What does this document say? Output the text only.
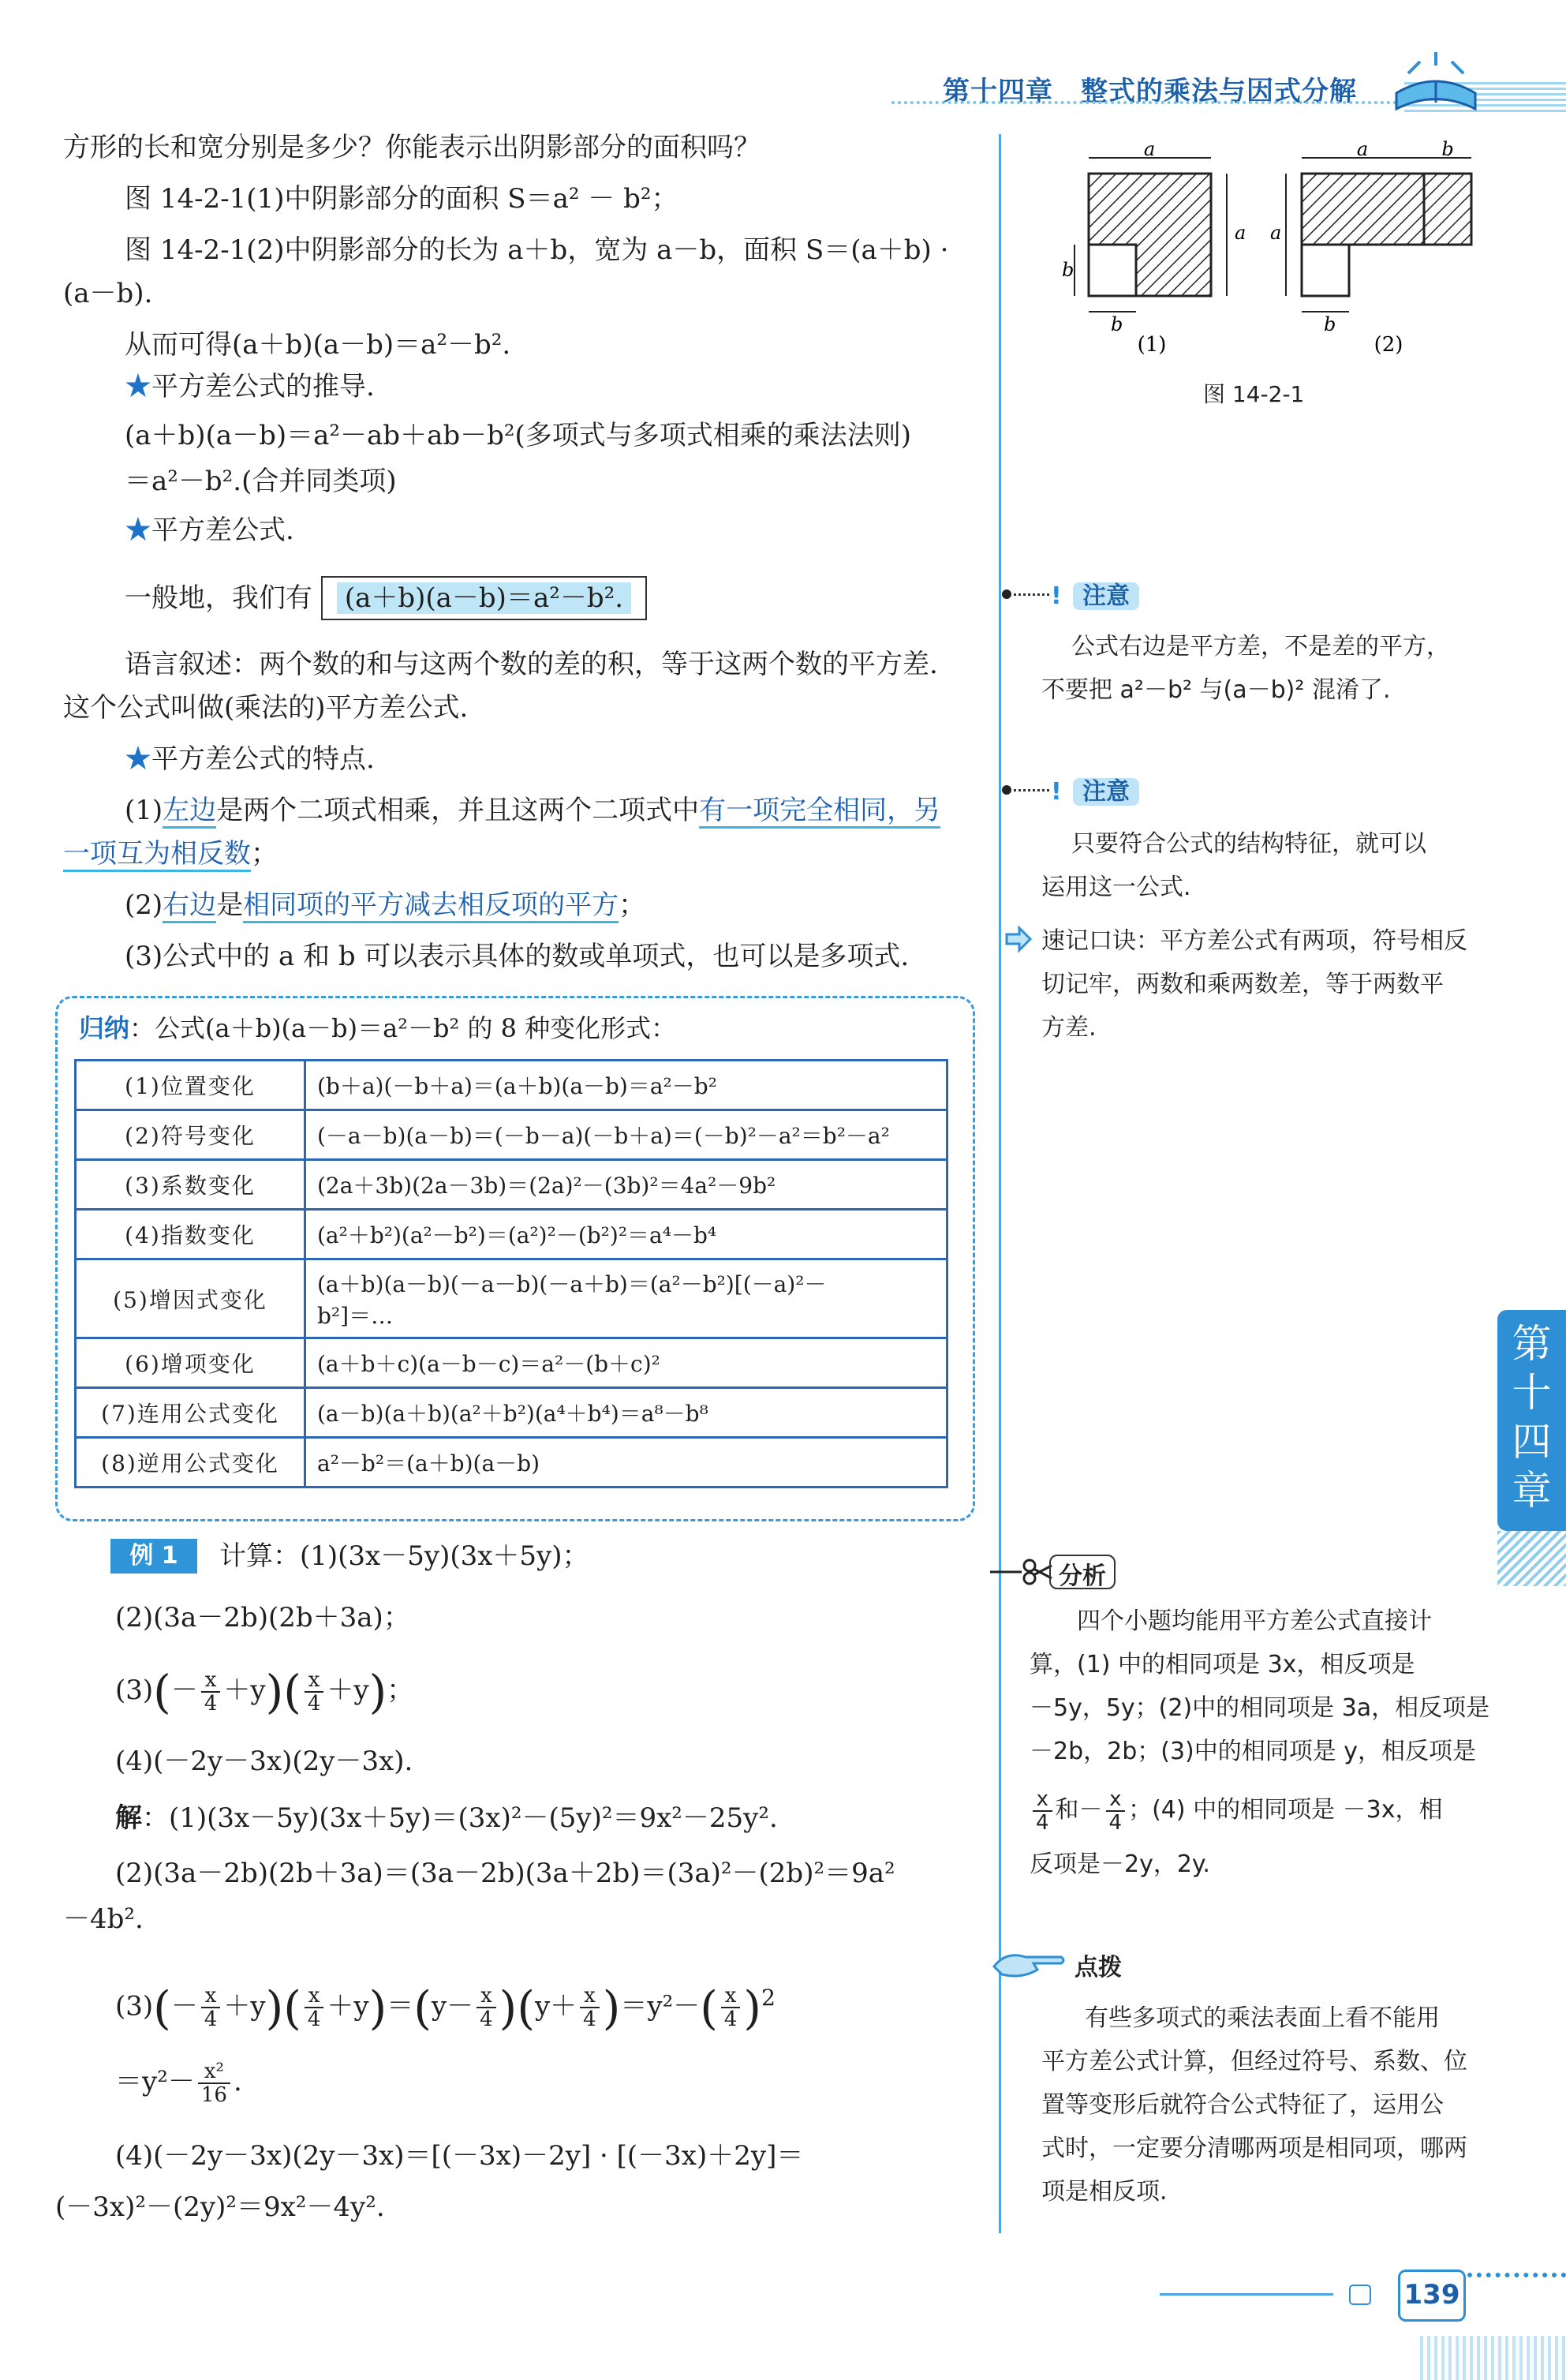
第十四章　整式的乘法与因式分解
方形的长和宽分别是多少？你能表示出阴影部分的面积吗？
图 14-2-1(1)中阴影部分的面积 S＝a² － b²；
图 14-2-1(2)中阴影部分的长为 a＋b，宽为 a－b，面积 S＝(a＋b) ·
(a－b).
从而可得(a＋b)(a－b)＝a²－b².
★平方差公式的推导.
(a＋b)(a－b)＝a²－ab＋ab－b²(多项式与多项式相乘的乘法法则)
＝a²－b².(合并同类项)
★平方差公式.
一般地，我们有 (a＋b)(a－b)＝a²－b².
语言叙述：两个数的和与这两个数的差的积，等于这两个数的平方差.
这个公式叫做(乘法的)平方差公式.
★平方差公式的特点.
(1)左边是两个二项式相乘，并且这两个二项式中有一项完全相同，另
一项互为相反数；
(2)右边是相同项的平方减去相反项的平方；
(3)公式中的 a 和 b 可以表示具体的数或单项式，也可以是多项式.
归纳：公式(a＋b)(a－b)＝a²－b² 的 8 种变化形式：
(1)位置变化	(b＋a)(－b＋a)＝(a＋b)(a－b)＝a²－b²
(2)符号变化	(－a－b)(a－b)＝(－b－a)(－b＋a)＝(－b)²－a²＝b²－a²
(3)系数变化	(2a＋3b)(2a－3b)＝(2a)²－(3b)²＝4a²－9b²
(4)指数变化	(a²＋b²)(a²－b²)＝(a²)²－(b²)²＝a⁴－b⁴
(5)增因式变化	(a＋b)(a－b)(－a－b)(－a＋b)＝(a²－b²)[(－a)²－
b²]＝…

(6)增项变化	(a＋b＋c)(a－b－c)＝a²－(b＋c)²
(7)连用公式变化	(a－b)(a＋b)(a²＋b²)(a⁴＋b⁴)＝a⁸－b⁸
(8)逆用公式变化	a²－b²＝(a＋b)(a－b)
例 1	计算：(1)(3x－5y)(3x＋5y)；
(2)(3a－2b)(2b＋3a)；
$(3)(- \frac{x}{4} +y)( \frac{x}{4} +y)$；
(4)(－2y－3x)(2y－3x).
解：(1)(3x－5y)(3x＋5y)＝(3x)²－(5y)²＝9x²－25y².
(2)(3a－2b)(2b＋3a)＝(3a－2b)(3a＋2b)＝(3a)²－(2b)²＝9a²
－4b².
$(3)(- \frac{x}{4} +y)( \frac{x}{4} +y)=(y- \frac{x}{4} )(y+ \frac{x}{4} )=y^2-( \frac{x}{4} )^2$
$=y^2- \frac{\text{x²}}{16}$ .
(4)(－2y－3x)(2y－3x)＝[(－3x)－2y] · [(－3x)＋2y]＝
(－3x)²－(2y)²＝9x²－4y².
a
a
b
b
(1)
a	b
a
b
(2)
图 14-2-1
! 注意
公式右边是平方差，不是差的平方，
不要把 a²－b² 与(a－b)² 混淆了.
! 注意
只要符合公式的结构特征，就可以
运用这一公式.
速记口诀：平方差公式有两项，符号相反
切记牢，两数和乘两数差，等于两数平
方差.
第
十
四
章
分析
四个小题均能用平方差公式直接计
算，(1) 中的相同项是 3x，相反项是
－5y，5y；(2)中的相同项是 3a，相反项是
－2b，2b；(3)中的相同项是 y，相反项是
$\frac{x}{4}$ 和－ $\frac{x}{4}$ ；(4) 中的相同项是 －3x，相
反项是－2y，2y.
点拨
有些多项式的乘法表面上看不能用
平方差公式计算，但经过符号、系数、位
置等变形后就符合公式特征了，运用公
式时，一定要分清哪两项是相同项，哪两
项是相反项.
139
